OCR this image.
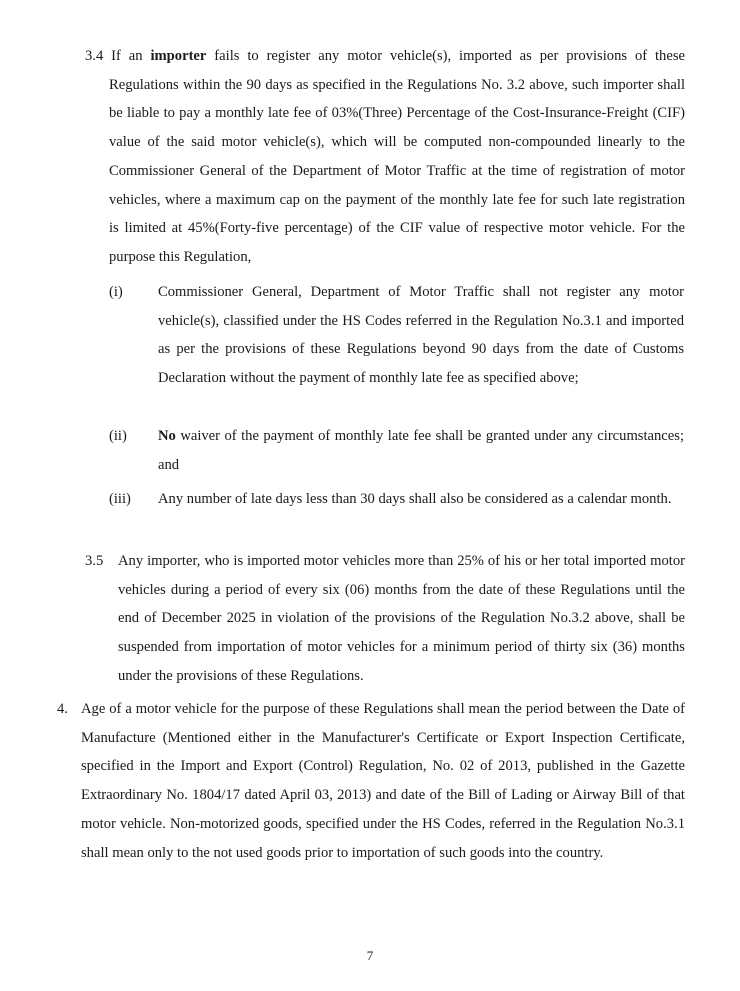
3.4 If an importer fails to register any motor vehicle(s), imported as per provisions of these Regulations within the 90 days as specified in the Regulations No. 3.2 above, such importer shall be liable to pay a monthly late fee of 03%(Three) Percentage of the Cost-Insurance-Freight (CIF) value of the said motor vehicle(s), which will be computed non-compounded linearly to the Commissioner General of the Department of Motor Traffic at the time of registration of motor vehicles, where a maximum cap on the payment of the monthly late fee for such late registration is limited at 45%(Forty-five percentage) of the CIF value of respective motor vehicle. For the purpose this Regulation,
(i) Commissioner General, Department of Motor Traffic shall not register any motor vehicle(s), classified under the HS Codes referred in the Regulation No.3.1 and imported as per the provisions of these Regulations beyond 90 days from the date of Customs Declaration without the payment of monthly late fee as specified above;
(ii) No waiver of the payment of monthly late fee shall be granted under any circumstances; and
(iii) Any number of late days less than 30 days shall also be considered as a calendar month.
3.5	Any importer, who is imported motor vehicles more than 25% of his or her total imported motor vehicles during a period of every six (06) months from the date of these Regulations until the end of December 2025 in violation of the provisions of the Regulation No.3.2 above, shall be suspended from importation of motor vehicles for a minimum period of thirty six (36) months under the provisions of these Regulations.
4. Age of a motor vehicle for the purpose of these Regulations shall mean the period between the Date of Manufacture (Mentioned either in the Manufacturer's Certificate or Export Inspection Certificate, specified in the Import and Export (Control) Regulation, No. 02 of 2013, published in the Gazette Extraordinary No. 1804/17 dated April 03, 2013) and date of the Bill of Lading or Airway Bill of that motor vehicle. Non-motorized goods, specified under the HS Codes, referred in the Regulation No.3.1 shall mean only to the not used goods prior to importation of such goods into the country.
7
